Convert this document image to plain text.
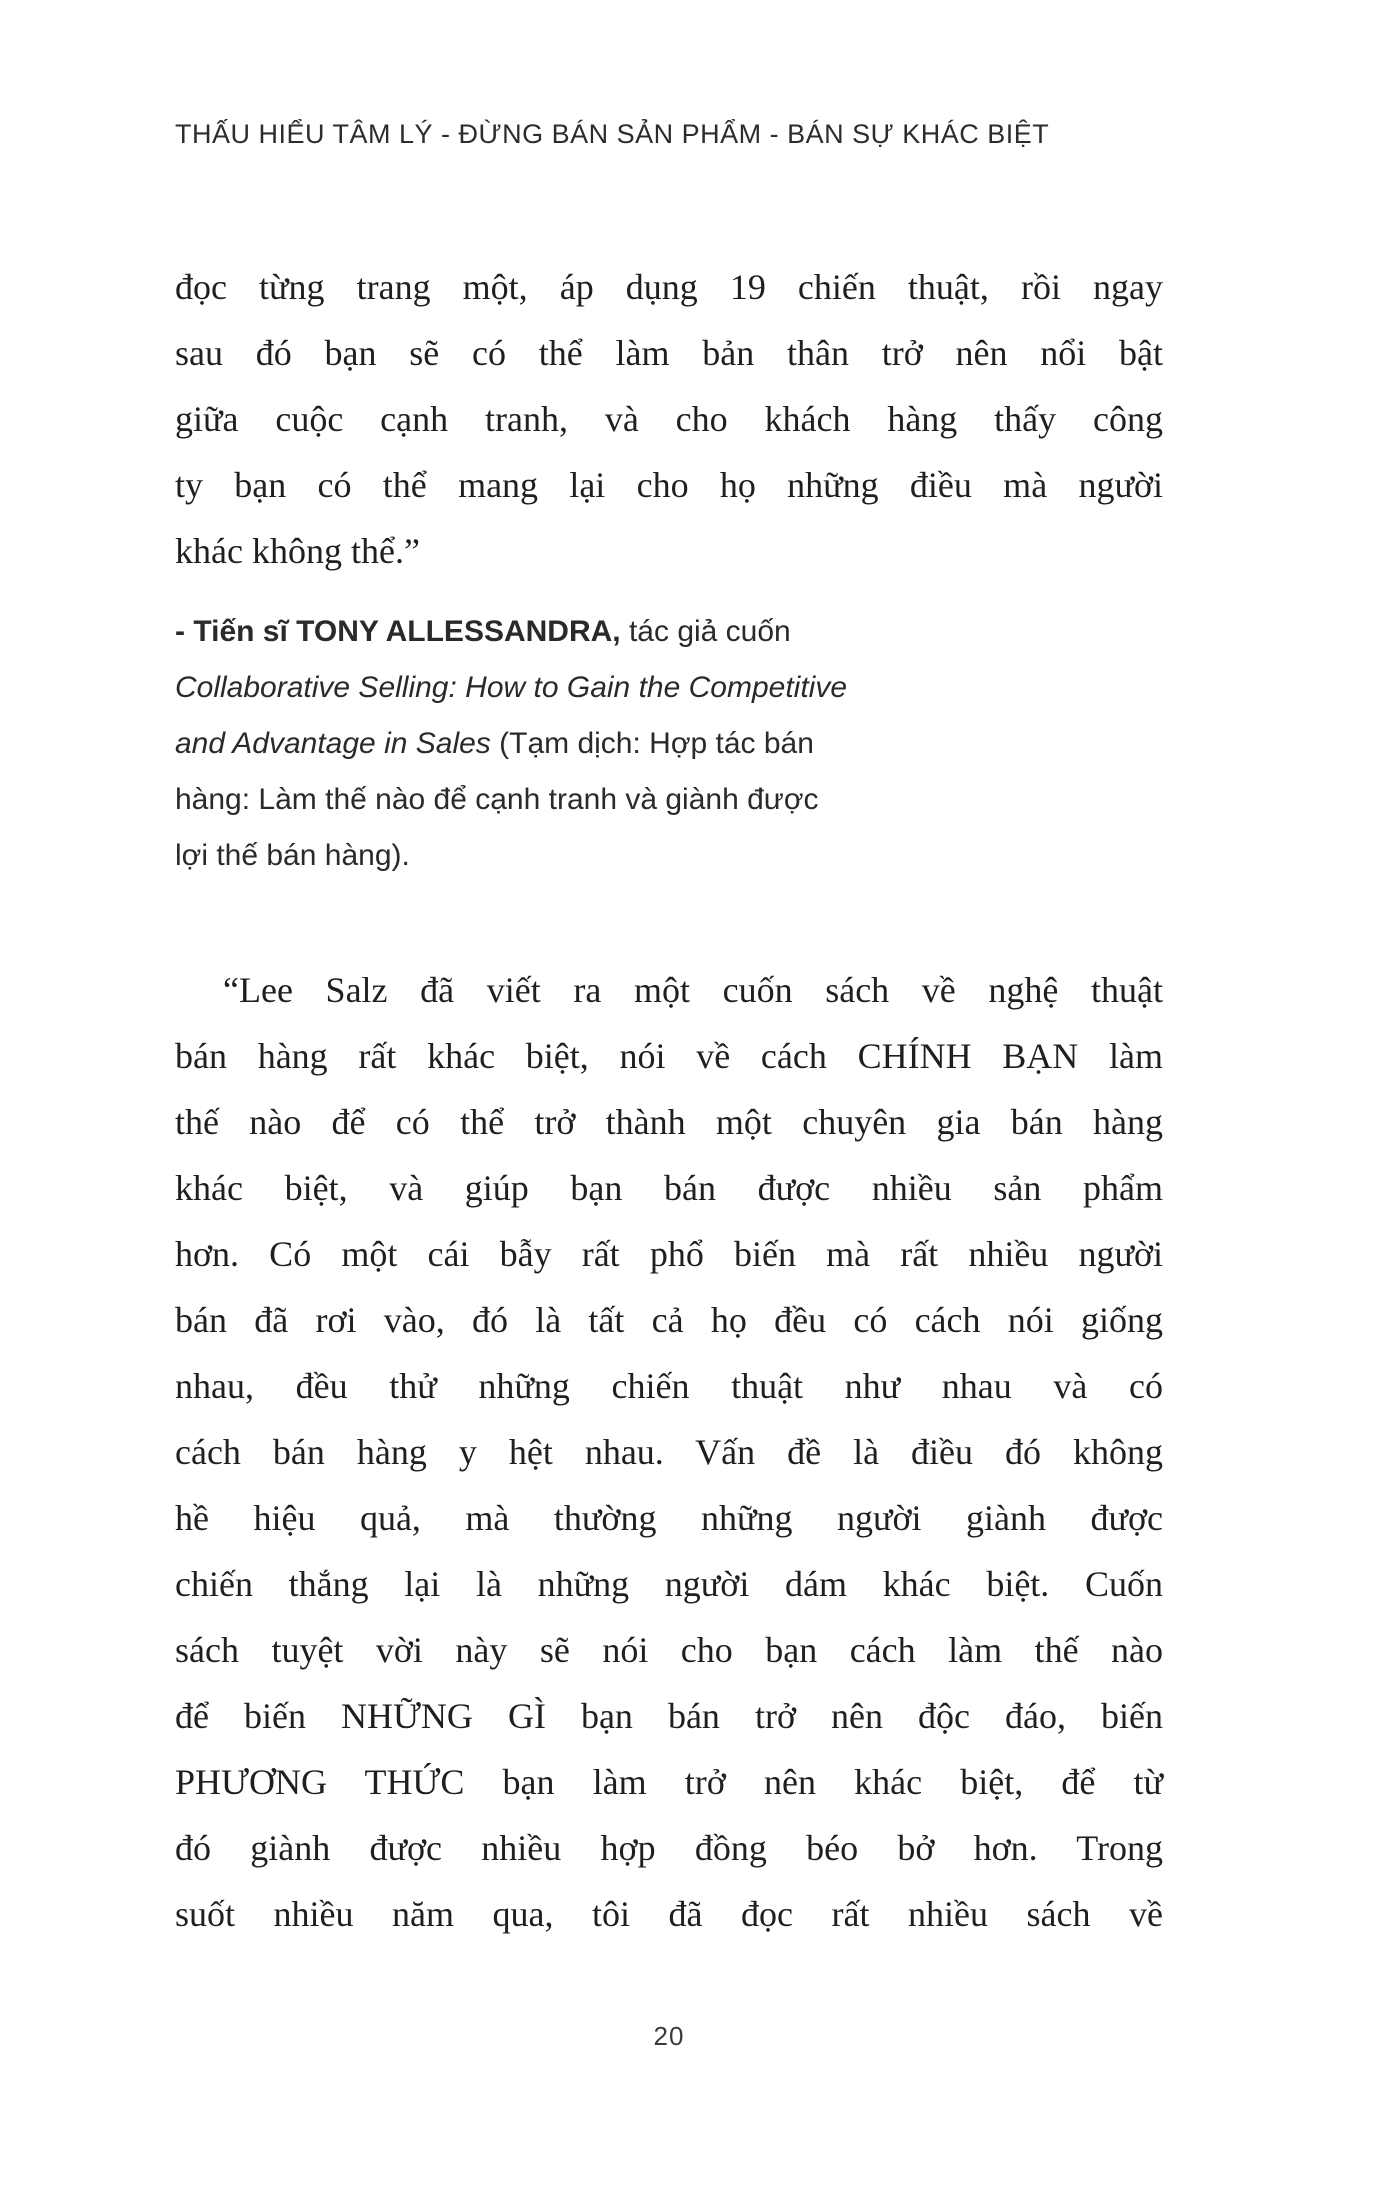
THẤU HIỂU TÂM LÝ - ĐỪNG BÁN SẢN PHẨM - BÁN SỰ KHÁC BIỆT
đọc từng trang một, áp dụng 19 chiến thuật, rồi ngay
sau đó bạn sẽ có thể làm bản thân trở nên nổi bật
giữa cuộc cạnh tranh, và cho khách hàng thấy công
ty bạn có thể mang lại cho họ những điều mà người
khác không thể.”
- Tiến sĩ TONY ALLESSANDRA, tác giả cuốn
Collaborative Selling: How to Gain the Competitive
and Advantage in Sales (Tạm dịch: Hợp tác bán
hàng: Làm thế nào để cạnh tranh và giành được
lợi thế bán hàng).
“Lee Salz đã viết ra một cuốn sách về nghệ thuật
bán hàng rất khác biệt, nói về cách CHÍNH BẠN làm
thế nào để có thể trở thành một chuyên gia bán hàng
khác biệt, và giúp bạn bán được nhiều sản phẩm
hơn. Có một cái bẫy rất phổ biến mà rất nhiều người
bán đã rơi vào, đó là tất cả họ đều có cách nói giống
nhau, đều thử những chiến thuật như nhau và có
cách bán hàng y hệt nhau. Vấn đề là điều đó không
hề hiệu quả, mà thường những người giành được
chiến thắng lại là những người dám khác biệt. Cuốn
sách tuyệt vời này sẽ nói cho bạn cách làm thế nào
để biến NHỮNG GÌ bạn bán trở nên độc đáo, biến
PHƯƠNG THỨC bạn làm trở nên khác biệt, để từ
đó giành được nhiều hợp đồng béo bở hơn. Trong
suốt nhiều năm qua, tôi đã đọc rất nhiều sách về
20
